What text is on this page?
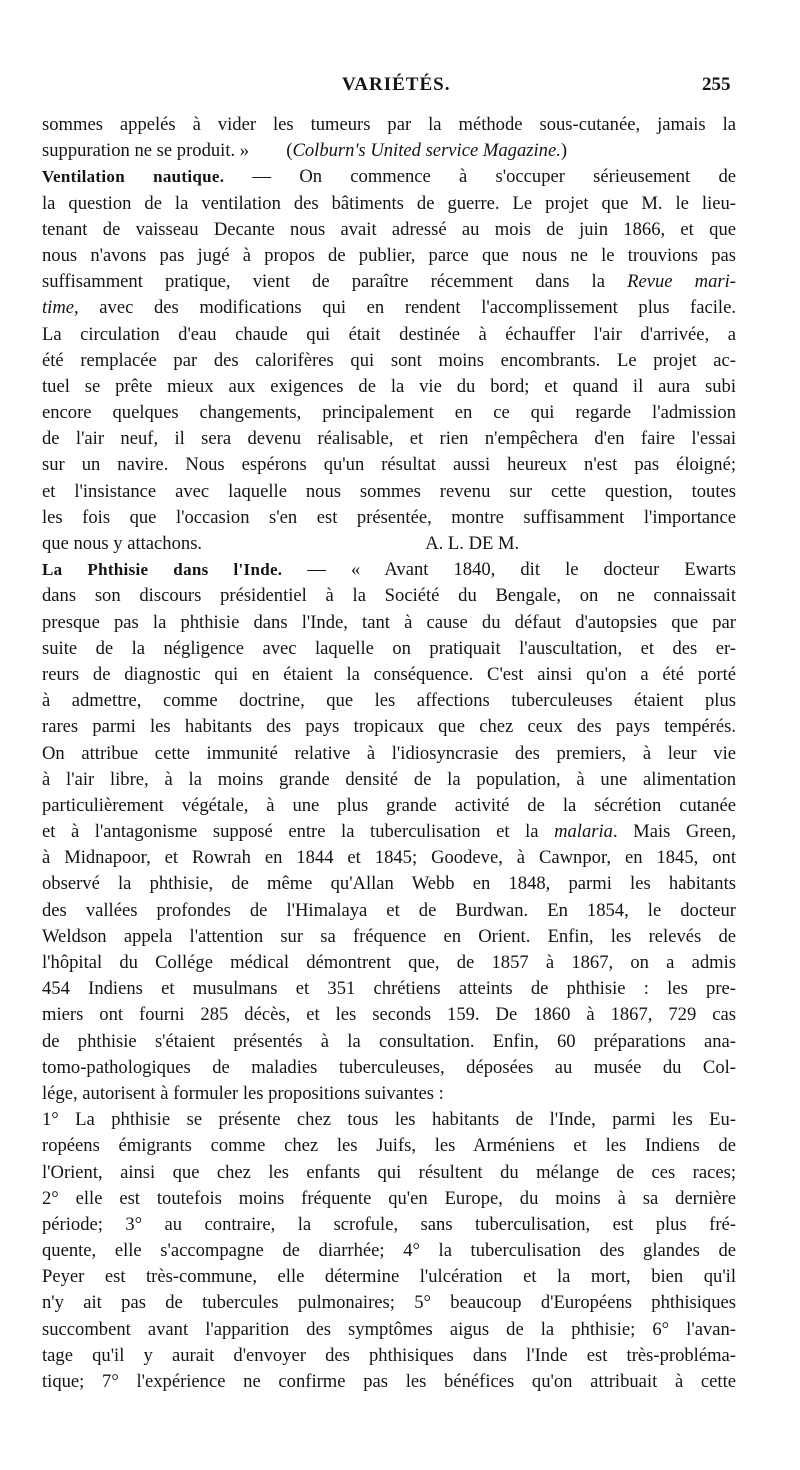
VARIÉTÉS.	255
sommes appelés à vider les tumeurs par la méthode sous-cutanée, jamais la
suppuration ne se produit. »  (Colburn's United service Magazine.)
Ventilation nautique. — On commence à s'occuper sérieusement de
la question de la ventilation des bâtiments de guerre. Le projet que M. le lieu-
tenant de vaisseau Decante nous avait adressé au mois de juin 1866, et que
nous n'avons pas jugé à propos de publier, parce que nous ne le trouvions pas
suffisamment pratique, vient de paraître récemment dans la Revue mari-
time, avec des modifications qui en rendent l'accomplissement plus facile.
La circulation d'eau chaude qui était destinée à échauffer l'air d'arrivée, a
été remplacée par des calorifères qui sont moins encombrants. Le projet ac-
tuel se prête mieux aux exigences de la vie du bord; et quand il aura subi
encore quelques changements, principalement en ce qui regarde l'admission
de l'air neuf, il sera devenu réalisable, et rien n'empêchera d'en faire l'essai
sur un navire. Nous espérons qu'un résultat aussi heureux n'est pas éloigné;
et l'insistance avec laquelle nous sommes revenu sur cette question, toutes
les fois que l'occasion s'en est présentée, montre suffisamment l'importance
que nous y attachons.            A. L. DE M.
La Phthisie dans l'Inde. — « Avant 1840, dit le docteur Ewarts
dans son discours présidentiel à la Société du Bengale, on ne connaissait
presque pas la phthisie dans l'Inde, tant à cause du défaut d'autopsies que par
suite de la négligence avec laquelle on pratiquait l'auscultation, et des er-
reurs de diagnostic qui en étaient la conséquence. C'est ainsi qu'on a été porté
à admettre, comme doctrine, que les affections tuberculeuses étaient plus
rares parmi les habitants des pays tropicaux que chez ceux des pays tempérés.
On attribue cette immunité relative à l'idiosyncrasie des premiers, à leur vie
à l'air libre, à la moins grande densité de la population, à une alimentation
particulièrement végétale, à une plus grande activité de la sécrétion cutanée
et à l'antagonisme supposé entre la tuberculisation et la malaria. Mais Green,
à Midnapoor, et Rowrah en 1844 et 1845; Goodeve, à Cawnpor, en 1845, ont
observé la phthisie, de même qu'Allan Webb en 1848, parmi les habitants
des vallées profondes de l'Himalaya et de Burdwan. En 1854, le docteur
Weldson appela l'attention sur sa fréquence en Orient. Enfin, les relevés de
l'hôpital du Collége médical démontrent que, de 1857 à 1867, on a admis
454 Indiens et musulmans et 351 chrétiens atteints de phthisie : les pre-
miers ont fourni 285 décès, et les seconds 159. De 1860 à 1867, 729 cas
de phthisie s'étaient présentés à la consultation. Enfin, 60 préparations ana-
tomo-pathologiques de maladies tuberculeuses, déposées au musée du Col-
lége, autorisent à formuler les propositions suivantes :
1° La phthisie se présente chez tous les habitants de l'Inde, parmi les Eu-
ropéens émigrants comme chez les Juifs, les Arméniens et les Indiens de
l'Orient, ainsi que chez les enfants qui résultent du mélange de ces races;
2° elle est toutefois moins fréquente qu'en Europe, du moins à sa dernière
période; 3° au contraire, la scrofule, sans tuberculisation, est plus fré-
quente, elle s'accompagne de diarrhée; 4° la tuberculisation des glandes de
Peyer est très-commune, elle détermine l'ulcération et la mort, bien qu'il
n'y ait pas de tubercules pulmonaires; 5° beaucoup d'Européens phthisiques
succombent avant l'apparition des symptômes aigus de la phthisie; 6° l'avan-
tage qu'il y aurait d'envoyer des phthisiques dans l'Inde est très-probléma-
tique; 7° l'expérience ne confirme pas les bénéfices qu'on attribuait à cette
